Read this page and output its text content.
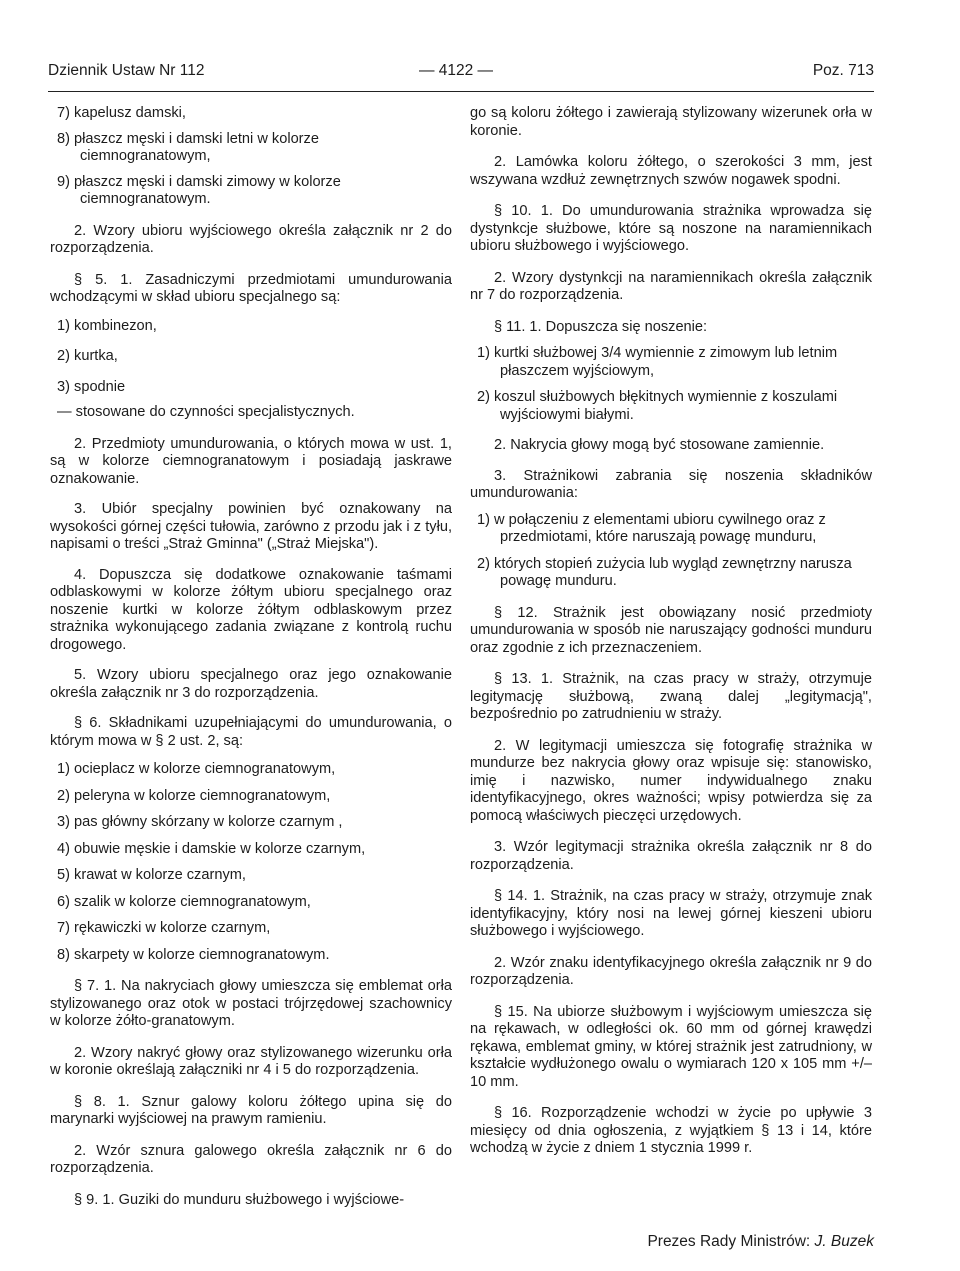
Dziennik Ustaw Nr 112	— 4122 —	Poz. 713

7) kapelusz damski,

8) płaszcz męski i damski letni w kolorze ciemnogranatowym,

9) płaszcz męski i damski zimowy w kolorze ciemnogranatowym.

2. Wzory ubioru wyjściowego określa załącznik nr 2 do rozporządzenia.

§ 5. 1. Zasadniczymi przedmiotami umundurowania wchodzącymi w skład ubioru specjalnego są:

1) kombinezon,

2) kurtka,

3) spodnie

— stosowane do czynności specjalistycznych.

2. Przedmioty umundurowania, o których mowa w ust. 1, są w kolorze ciemnogranatowym i posiadają jaskrawe oznakowanie.

3. Ubiór specjalny powinien być oznakowany na wysokości górnej części tułowia, zarówno z przodu jak i z tyłu, napisami o treści „Straż Gminna" („Straż Miejska").

4. Dopuszcza się dodatkowe oznakowanie taśmami odblaskowymi w kolorze żółtym ubioru specjalnego oraz noszenie kurtki w kolorze żółtym odblaskowym przez strażnika wykonującego zadania związane z kontrolą ruchu drogowego.

5. Wzory ubioru specjalnego oraz jego oznakowanie określa załącznik nr 3 do rozporządzenia.

§ 6. Składnikami uzupełniającymi do umundurowania, o którym mowa w § 2 ust. 2, są:

1) ocieplacz w kolorze ciemnogranatowym,

2) peleryna w kolorze ciemnogranatowym,

3) pas główny skórzany w kolorze czarnym ,

4) obuwie męskie i damskie w kolorze czarnym,

5) krawat w kolorze czarnym,

6) szalik w kolorze ciemnogranatowym,

7) rękawiczki w kolorze czarnym,

8) skarpety w kolorze ciemnogranatowym.

§ 7. 1. Na nakryciach głowy umieszcza się emblemat orła stylizowanego oraz otok w postaci trójrzędowej szachownicy w kolorze żółto-granatowym.

2. Wzory nakryć głowy oraz stylizowanego wizerunku orła w koronie określają załączniki nr 4 i 5 do rozporządzenia.

§ 8. 1. Sznur galowy koloru żółtego upina się do marynarki wyjściowej na prawym ramieniu.

2. Wzór sznura galowego określa załącznik nr 6 do rozporządzenia.

§ 9. 1. Guziki do munduru służbowego i wyjściowe-

go są koloru żółtego i zawierają stylizowany wizerunek orła w koronie.

2. Lamówka koloru żółtego, o szerokości 3 mm, jest wszywana wzdłuż zewnętrznych szwów nogawek spodni.

§ 10. 1. Do umundurowania strażnika wprowadza się dystynkcje służbowe, które są noszone na naramiennikach ubioru służbowego i wyjściowego.

2. Wzory dystynkcji na naramiennikach określa załącznik nr 7 do rozporządzenia.

§ 11. 1. Dopuszcza się noszenie:

1) kurtki służbowej 3/4 wymiennie z zimowym lub letnim płaszczem wyjściowym,

2) koszul służbowych błękitnych wymiennie z koszulami wyjściowymi białymi.

2. Nakrycia głowy mogą być stosowane zamiennie.

3. Strażnikowi zabrania się noszenia składników umundurowania:

1) w połączeniu z elementami ubioru cywilnego oraz z przedmiotami, które naruszają powagę munduru,

2) których stopień zużycia lub wygląd zewnętrzny narusza powagę munduru.

§ 12. Strażnik jest obowiązany nosić przedmioty umundurowania w sposób nie naruszający godności munduru oraz zgodnie z ich przeznaczeniem.

§ 13. 1. Strażnik, na czas pracy w straży, otrzymuje legitymację służbową, zwaną dalej „legitymacją", bezpośrednio po zatrudnieniu w straży.

2. W legitymacji umieszcza się fotografię strażnika w mundurze bez nakrycia głowy oraz wpisuje się: stanowisko, imię i nazwisko, numer indywidualnego znaku identyfikacyjnego, okres ważności; wpisy potwierdza się za pomocą właściwych pieczęci urzędowych.

3. Wzór legitymacji strażnika określa załącznik nr 8 do rozporządzenia.

§ 14. 1. Strażnik, na czas pracy w straży, otrzymuje znak identyfikacyjny, który nosi na lewej górnej kieszeni ubioru służbowego i wyjściowego.

2. Wzór znaku identyfikacyjnego określa załącznik nr 9 do rozporządzenia.

§ 15. Na ubiorze służbowym i wyjściowym umieszcza się na rękawach, w odległości ok. 60 mm od górnej krawędzi rękawa, emblemat gminy, w której strażnik jest zatrudniony, w kształcie wydłużonego owalu o wymiarach 120 x 105 mm +/– 10 mm.

§ 16. Rozporządzenie wchodzi w życie po upływie 3 miesięcy od dnia ogłoszenia, z wyjątkiem § 13 i 14, które wchodzą w życie z dniem 1 stycznia 1999 r.

Prezes Rady Ministrów: J. Buzek
